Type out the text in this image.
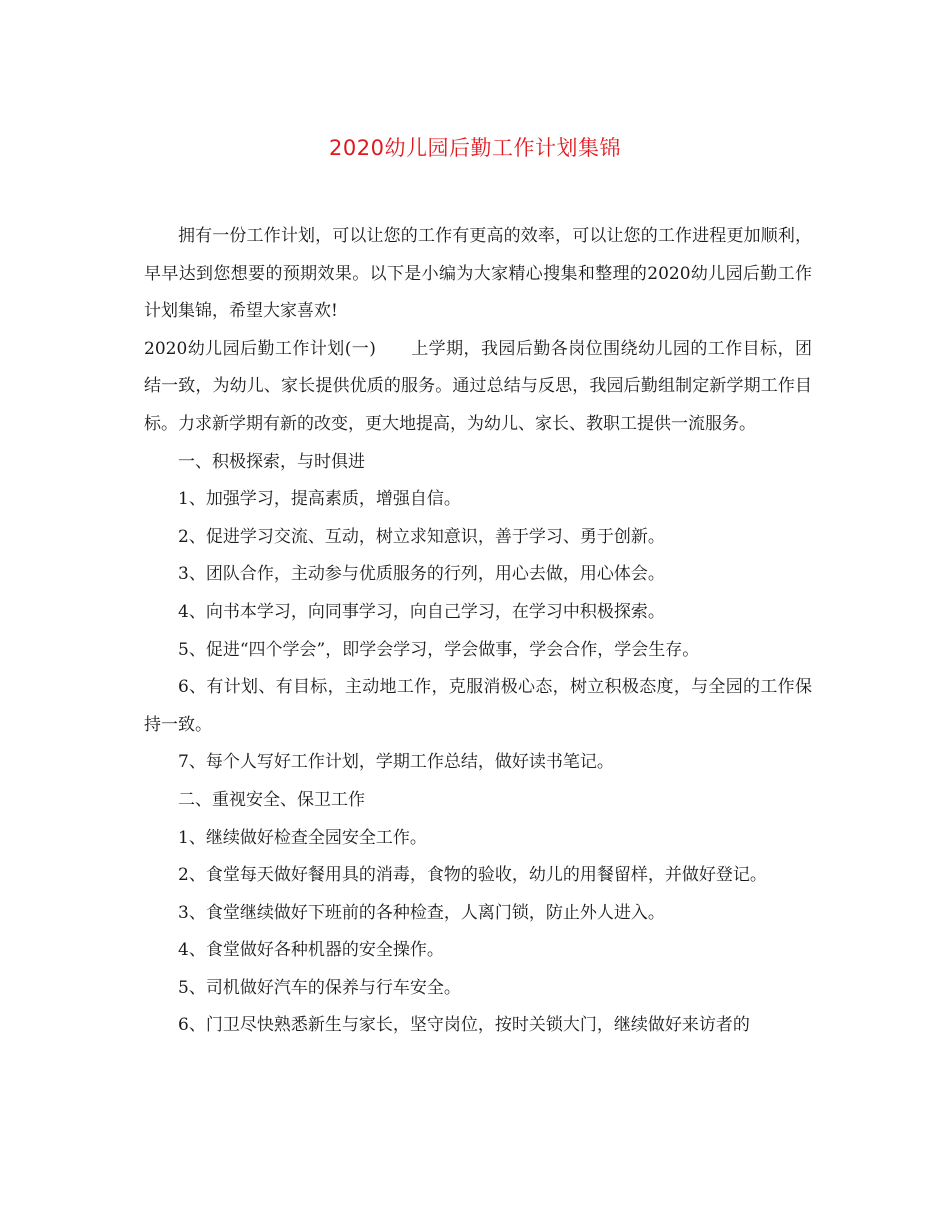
2020幼儿园后勤工作计划集锦

拥有一份工作计划，可以让您的工作有更高的效率，可以让您的工作进程更加顺利，早早达到您想要的预期效果。以下是小编为大家精心搜集和整理的2020幼儿园后勤工作计划集锦，希望大家喜欢!

2020幼儿园后勤工作计划(一)　　上学期，我园后勤各岗位围绕幼儿园的工作目标，团结一致，为幼儿、家长提供优质的服务。通过总结与反思，我园后勤组制定新学期工作目标。力求新学期有新的改变，更大地提高，为幼儿、家长、教职工提供一流服务。

一、积极探索，与时俱进

1、加强学习，提高素质，增强自信。

2、促进学习交流、互动，树立求知意识，善于学习、勇于创新。

3、团队合作，主动参与优质服务的行列，用心去做，用心体会。

4、向书本学习，向同事学习，向自己学习，在学习中积极探索。

5、促进“四个学会”，即学会学习，学会做事，学会合作，学会生存。

6、有计划、有目标，主动地工作，克服消极心态，树立积极态度，与全园的工作保持一致。

7、每个人写好工作计划，学期工作总结，做好读书笔记。

二、重视安全、保卫工作

1、继续做好检查全园安全工作。

2、食堂每天做好餐用具的消毒，食物的验收，幼儿的用餐留样，并做好登记。

3、食堂继续做好下班前的各种检查，人离门锁，防止外人进入。

4、食堂做好各种机器的安全操作。

5、司机做好汽车的保养与行车安全。

6、门卫尽快熟悉新生与家长，坚守岗位，按时关锁大门，继续做好来访者的
